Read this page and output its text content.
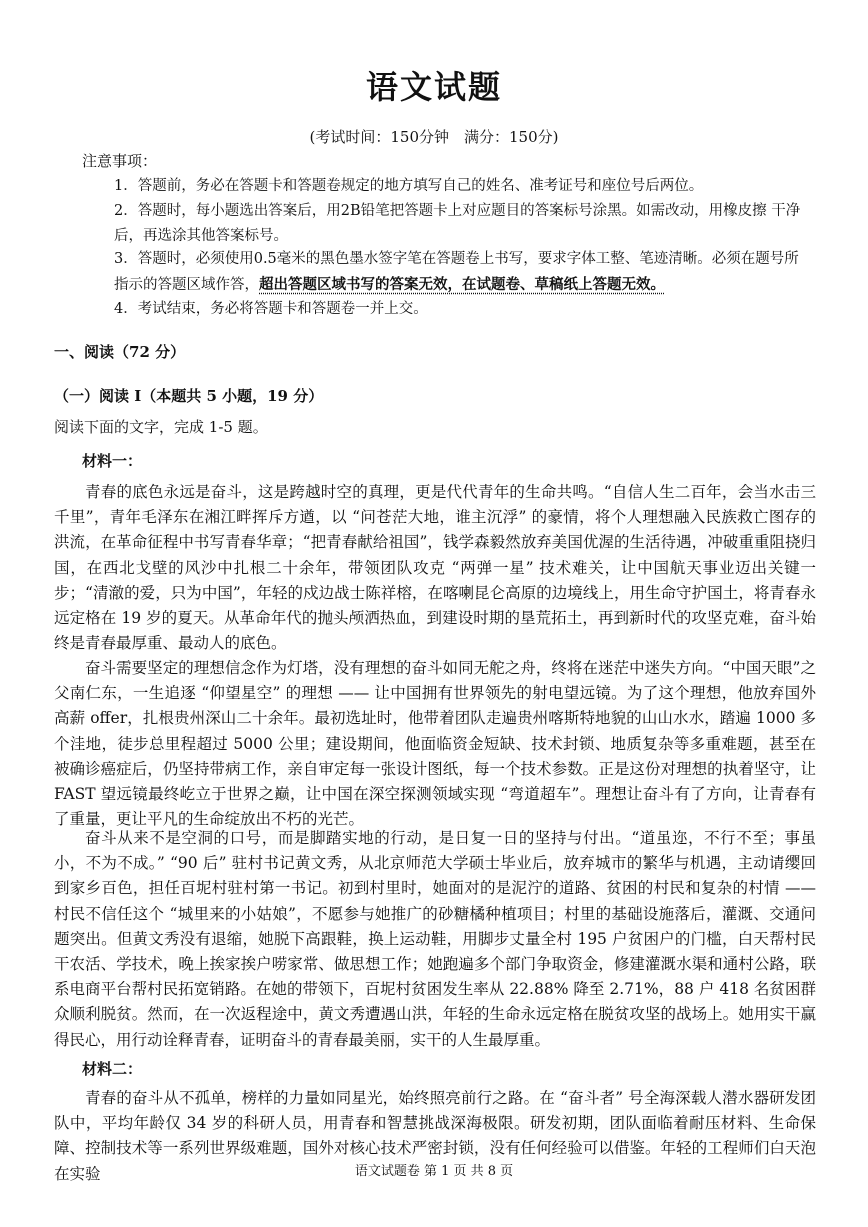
语文试题
(考试时间：150分钟　满分：150分)
注意事项：
1．答题前，务必在答题卡和答题卷规定的地方填写自己的姓名、准考证号和座位号后两位。
2．答题时，每小题选出答案后，用2B铅笔把答题卡上对应题目的答案标号涂黑。如需改动，用橡皮擦 干净
后，再选涂其他答案标号。
3．答题时，必须使用0.5毫米的黑色墨水签字笔在答题卷上书写，要求字体工整、笔迹清晰。必须在题号所
指示的答题区域作答，超出答题区域书写的答案无效，在试题卷、草稿纸上答题无效。
4．考试结束，务必将答题卡和答题卷一并上交。
一、阅读（72 分）
（一）阅读 I（本题共 5 小题，19 分）
阅读下面的文字，完成 1-5 题。
材料一：

青春的底色永远是奋斗，这是跨越时空的真理，更是代代青年的生命共鸣。“自信人生二百年，会当水击三千里”，青年毛泽东在湘江畔挥斥方遒，以 “问苍茫大地，谁主沉浮” 的豪情，将个人理想融入民族救亡图存的洪流，在革命征程中书写青春华章；“把青春献给祖国”，钱学森毅然放弃美国优渥的生活待遇，冲破重重阻挠归国，在西北戈壁的风沙中扎根二十余年，带领团队攻克 “两弹一星” 技术难关，让中国航天事业迈出关键一步；“清澈的爱，只为中国”，年轻的戍边战士陈祥榕，在喀喇昆仑高原的边境线上，用生命守护国土，将青春永远定格在 19 岁的夏天。从革命年代的抛头颅洒热血，到建设时期的垦荒拓土，再到新时代的攻坚克难，奋斗始终是青春最厚重、最动人的底色。

奋斗需要坚定的理想信念作为灯塔，没有理想的奋斗如同无舵之舟，终将在迷茫中迷失方向。“中国天眼”之父南仁东，一生追逐 “仰望星空” 的理想 —— 让中国拥有世界领先的射电望远镜。为了这个理想，他放弃国外高薪 offer，扎根贵州深山二十余年。最初选址时，他带着团队走遍贵州喀斯特地貌的山山水水，踏遍 1000 多个洼地，徒步总里程超过 5000 公里；建设期间，他面临资金短缺、技术封锁、地质复杂等多重难题，甚至在被确诊癌症后，仍坚持带病工作，亲自审定每一张设计图纸，每一个技术参数。正是这份对理想的执着坚守，让 FAST 望远镜最终屹立于世界之巅，让中国在深空探测领域实现 “弯道超车”。理想让奋斗有了方向，让青春有了重量，更让平凡的生命绽放出不朽的光芒。

奋斗从来不是空洞的口号，而是脚踏实地的行动，是日复一日的坚持与付出。“道虽迩，不行不至；事虽小，不为不成。” “90 后” 驻村书记黄文秀，从北京师范大学硕士毕业后，放弃城市的繁华与机遇，主动请缨回到家乡百色，担任百坭村驻村第一书记。初到村里时，她面对的是泥泞的道路、贫困的村民和复杂的村情 —— 村民不信任这个 “城里来的小姑娘”，不愿参与她推广的砂糖橘种植项目；村里的基础设施落后，灌溉、交通问题突出。但黄文秀没有退缩，她脱下高跟鞋，换上运动鞋，用脚步丈量全村 195 户贫困户的门槛，白天帮村民干农活、学技术，晚上挨家挨户唠家常、做思想工作；她跑遍多个部门争取资金，修建灌溉水渠和通村公路，联系电商平台帮村民拓宽销路。在她的带领下，百坭村贫困发生率从 22.88% 降至 2.71%，88 户 418 名贫困群众顺利脱贫。然而，在一次返程途中，黄文秀遭遇山洪，年轻的生命永远定格在脱贫攻坚的战场上。她用实干赢得民心，用行动诠释青春，证明奋斗的青春最美丽，实干的人生最厚重。

材料二：

青春的奋斗从不孤单，榜样的力量如同星光，始终照亮前行之路。在 “奋斗者” 号全海深载人潜水器研发团队中，平均年龄仅 34 岁的科研人员，用青春和智慧挑战深海极限。研发初期，团队面临着耐压材料、生命保障、控制技术等一系列世界级难题，国外对核心技术严密封锁，没有任何经验可以借鉴。年轻的工程师们白天泡在实验	语文试题卷 第 1 页 共 8 页
